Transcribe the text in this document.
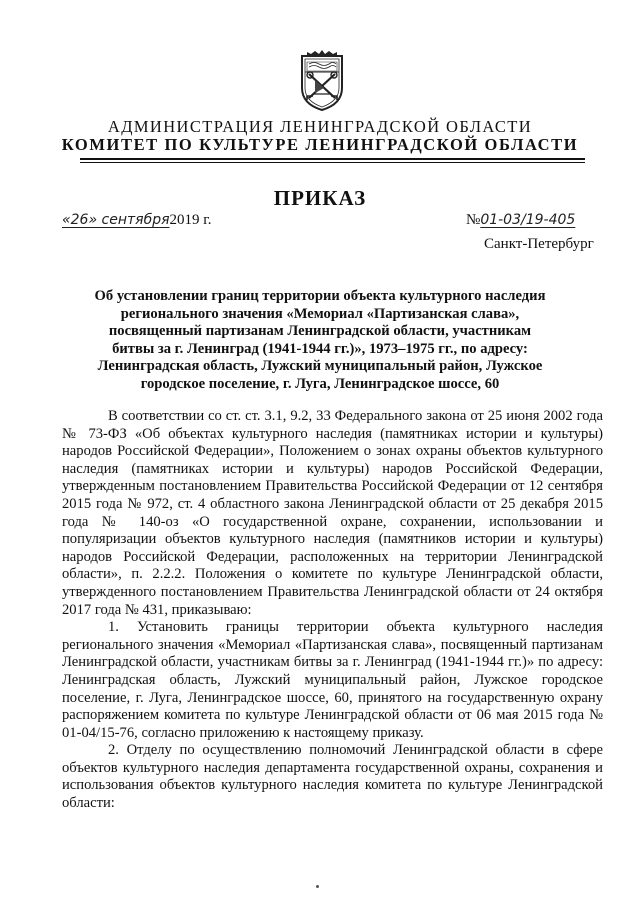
АДМИНИСТРАЦИЯ ЛЕНИНГРАДСКОЙ ОБЛАСТИ
КОМИТЕТ ПО КУЛЬТУРЕ ЛЕНИНГРАДСКОЙ ОБЛАСТИ
ПРИКАЗ
«26» сентября2019 г.	№01-03/19-405
Санкт-Петербург
Об установлении границ территории объекта культурного наследия регионального значения «Мемориал «Партизанская слава», посвященный партизанам Ленинградской области, участникам битвы за г. Ленинград (1941-1944 гг.)», 1973–1975 гг., по адресу: Ленинградская область, Лужский муниципальный район, Лужское городское поселение, г. Луга, Ленинградское шоссе, 60

В соответствии со ст. ст. 3.1, 9.2, 33 Федерального закона от 25 июня 2002 года № 73-ФЗ «Об объектах культурного наследия (памятниках истории и культуры) народов Российской Федерации», Положением о зонах охраны объектов культурного наследия (памятниках истории и культуры) народов Российской Федерации, утвержденным постановлением Правительства Российской Федерации от 12 сентября 2015 года № 972, ст. 4 областного закона Ленинградской области от 25 декабря 2015 года № 140-оз «О государственной охране, сохранении, использовании и популяризации объектов культурного наследия (памятников истории и культуры) народов Российской Федерации, расположенных на территории Ленинградской области», п. 2.2.2. Положения о комитете по культуре Ленинградской области, утвержденного постановлением Правительства Ленинградской области от 24 октября 2017 года № 431, приказываю:

1. Установить границы территории объекта культурного наследия регионального значения «Мемориал «Партизанская слава», посвященный партизанам Ленинградской области, участникам битвы за г. Ленинград (1941-1944 гг.)» по адресу: Ленинградская область, Лужский муниципальный район, Лужское городское поселение, г. Луга, Ленинградское шоссе, 60, принятого на государственную охрану распоряжением комитета по культуре Ленинградской области от 06 мая 2015 года № 01-04/15-76, согласно приложению к настоящему приказу.

2. Отделу по осуществлению полномочий Ленинградской области в сфере объектов культурного наследия департамента государственной охраны, сохранения и использования объектов культурного наследия комитета по культуре Ленинградской области:
